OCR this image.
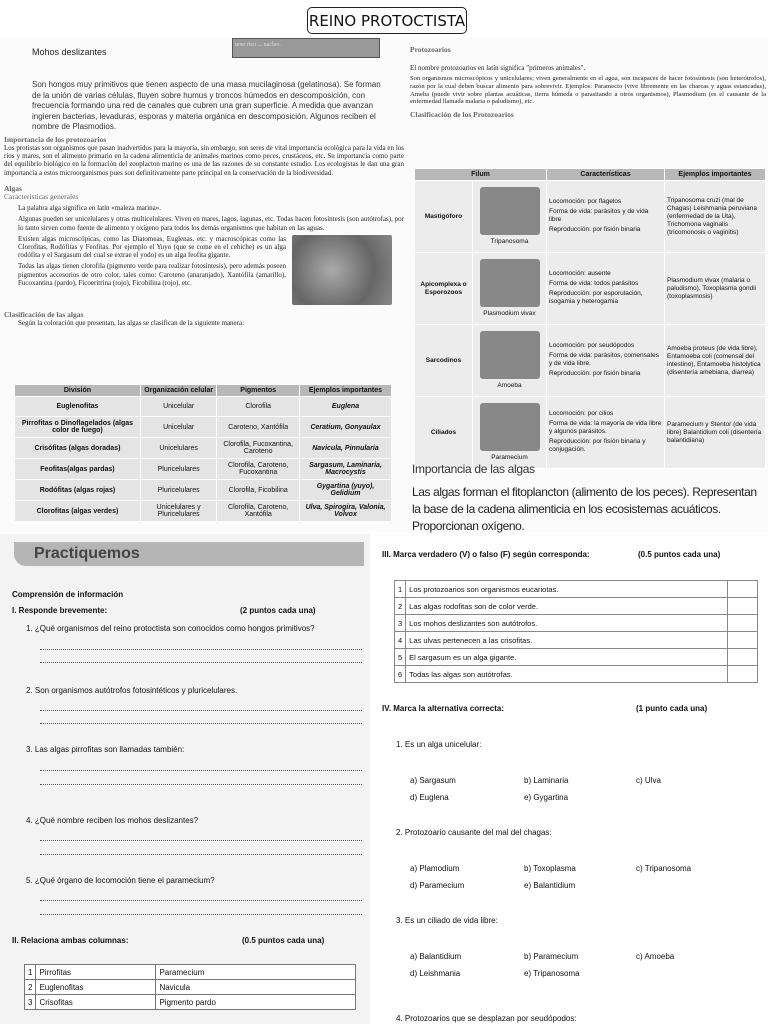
REINO PROTOCTISTA
teno rico ... nacleo.
Mohos deslizantes
Son hongos muy primitivos que tienen aspecto de una masa mucilaginosa (gelatinosa). Se forman de la unión de varias células, fluyen sobre humus y troncos húmedos en descomposición, con frecuencia formando una red de canales que cubren una gran superficie. A medida que avanzan ingieren bacterias, levaduras, esporas y materia orgánica en descomposición. Algunos reciben el nombre de Plasmodios.
Importancia de los protozoarios
Los protistas son organismos que pasan inadvertidos para la mayoría, sin embargo, son seres de vital importancia ecológica para la vida en los ríos y mares, son el alimento primario en la cadena alimenticia de animales marinos como peces, crustáceos, etc. Su importancia como parte del equilibrio biológico en la formación del zooplacton marino es una de las razones de su constante estudio. Los ecologistas le dan una gran importancia a estos microorganismos pues son definitivamente parte principal en la conservación de la biodiversidad.
Algas
Características generales
La palabra alga significa en latín «maleza marina».
Algunas pueden ser unicelulares y otras multicelulares. Viven en mares, lagos, lagunas, etc. Todas hacen fotosíntesis (son autótrofas), por lo tanto sirven como fuente de alimento y oxígeno para todos los demás organismos que habitan en las aguas.
Existen algas microscópicas, como las Diatomeas, Euglenas, etc. y macroscópicas como las Clorofitas, Rodófitas y Feofitas. Por ejemplo el Yuyo (que se come en el cebiche) es un alga rodófita y el Sargasum del cual se extrae el yodo) es un alga feofita gigante.
Todas las algas tienen clorofila (pigmento verde para realizar fotosíntesis), pero además poseen pigmentos accesorios de otro color, tales como: Caroteno (anaranjado), Xantófila (amarillo), Fucoxantina (pardo), Ficoeritrina (rojo), Ficobilina (rojo), etc.
Clasificación de las algas
Según la coloración que presentan, las algas se clasifican de la siguiente manera:
División	Organización celular	Pigmentos	Ejemplos importantes
Euglenofitas	Unicelular	Clorofila	Euglena
Pirrofitas o Dinoflagelados (algas color de fuego)	Unicelular	Caroteno, Xantófila	Ceratium, Gonyaulax
Crisófitas (algas doradas)	Unicelulares	Clorofila, Fucoxantina, Caroteno	Navicula, Pinnularia
Feofitas(algas pardas)	Pluricelulares	Clorofila, Caroteno, Fucoxantina	Sargasum, Laminaria, Macrocystis
Rodófitas (algas rojas)	Pluricelulares	Clorofila, Ficobilina	Gygartina (yuyo), Gelidium
Clorofitas (algas verdes)	Unicelulares y Pluricelulares	Clorofila, Caroteno, Xantófila	Ulva, Spirogira, Valonia, Volvox
Protozoarios
El nombre protozoarios en latín significa "primeros animales".
Son organismos microscópicos y unicelulares; viven generalmente en el agua, son incapaces de hacer fotosíntesis (son heterótrofos), razón por la cual deben buscar alimento para sobrevivir. Ejemplos: Paramecio (vive libremente en las charcas y aguas estancadas), Ameba (puede vivir sobre plantas acuáticas, tierra húmeda o parasitando a otros organismos), Plasmodium (es el causante de la enfermedad llamada malaria o paludismo), etc.
Clasificación de los Protozoarios
Filum		Características	Ejemplos importantes
Mastigóforo	Tripanosoma	Locomoción: por flagelos
Forma de vida: parásitos y de vida libre
Reproducción: por fisión binaria	Tripanosoma cruzi (mal de Chagas) Leishmania peruviana (enfermedad de la Uta), Trichomona vaginalis (tricomonosis o vaginitis)
Apicomplexa o Esporozoos	Plasmodium vivax	Locomoción: ausente
Forma de vida: todos parásitos
Reproducción: por esporulación, isogamia y heterogamia	Plasmodium vivax (malaria o paludismo), Toxoplasma gondii (toxoplasmosis)
Sarcodinos	Amoeba	Locomoción: por seudópodos
Forma de vida: parásitos, comensales y de vida libre.
Reproducción: por fisión binaria	Amoeba proteus (de vida libre), Entamoeba coli (comensal del intestino), Entamoeba histolytica (disentería amebiana, diarrea)
Ciliados	Paramecium	Locomoción: por cilios
Forma de vida: la mayoría de vida libre y algunos parásitos.
Reproducción: por fisión binaria y conjugación.	Paramecium y Stentor (de vida libre) Balantidium coli (disentería balantidiana)
Importancia de las algas

Las algas forman el fitoplancton (alimento de los peces). Representan la base de la cadena alimenticia en los ecosistemas acuáticos. Proporcionan oxígeno.

Practiquemos
Comprensión de información
I. Responde brevemente:	(2 puntos cada una)
1. ¿Qué organismos del reino protoctista son conocidos como hongos primitivos?
2. Son organismos autótrofos fotosintéticos y pluricelulares.
3. Las algas pirrofitas son llamadas también:
4. ¿Qué nombre reciben los mohos deslizantes?
5. ¿Qué órgano de locomoción tiene el paramecium?
II. Relaciona ambas columnas:	(0.5 puntos cada una)
1	Pirrofitas	Paramecium
2	Euglenofitas	Navicula
3	Crisofitas	Pigmento pardo
III. Marca verdadero (V) o falso (F) según corresponda:	(0.5 puntos cada una)
1	Los protozoarios son organismos eucariotas.	
2	Las algas rodofitas son de color verde.	
3	Los mohos deslizantes son autótrofos.	
4	Las ulvas pertenecen a las crisofitas.	
5	El sargasum es un alga gigante.	
6	Todas las algas son autótrofas.	
IV. Marca la alternativa correcta:	(1 punto cada una)
1. Es un alga unicelular:
a) Sargasum	b) Laminaria	c) Ulva
d) Euglena	e) Gygartina
2. Protozoario causante del mal del chagas:
a) Plamodium	b) Toxoplasma	c) Tripanosoma
d) Paramecium	e) Balantidium
3. Es un ciliado de vida libre:
a) Balantidium	b) Paramecium	c) Amoeba
d) Leishmania	e) Tripanosoma
4. Protozoarios que se desplazan por seudópodos:
